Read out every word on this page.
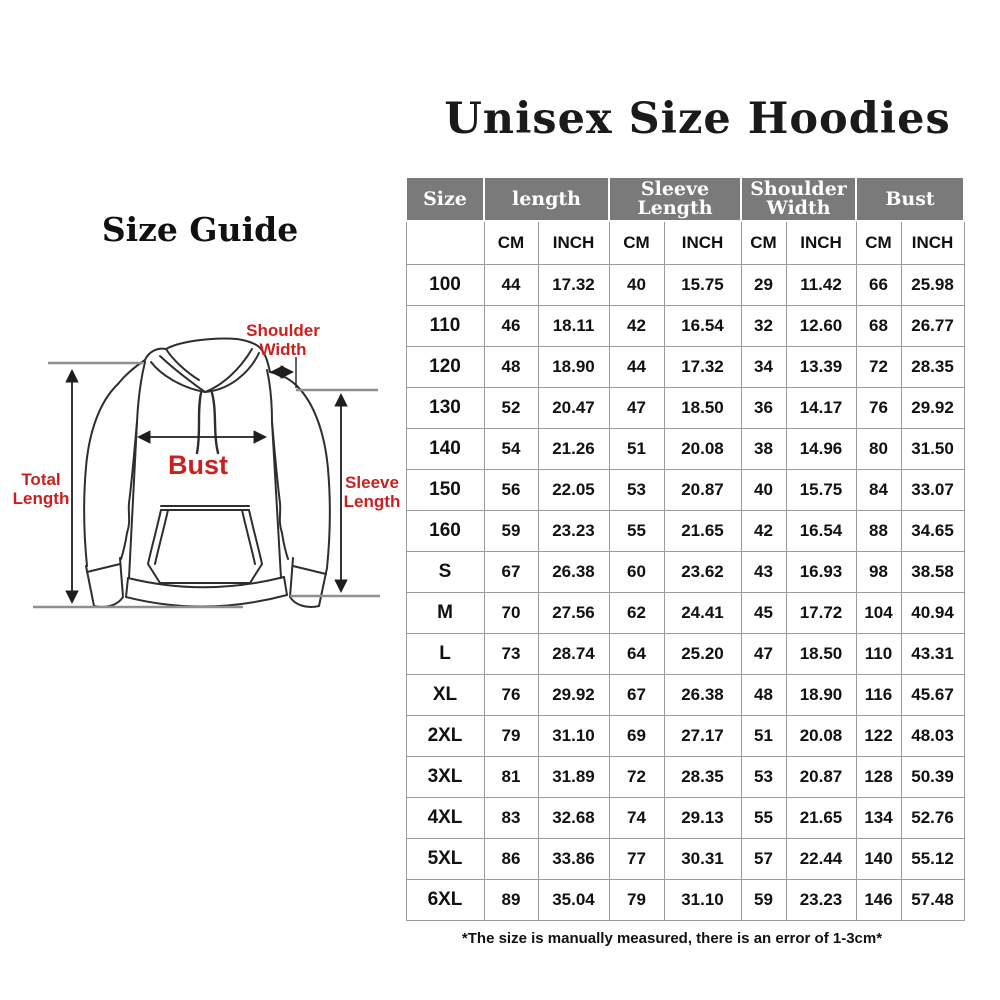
Unisex Size Hoodies
Size Guide
Total Length
Shoulder Width
Sleeve Length
Bust
Size	length		Sleeve Length		Shoulder Width		Bust	
	CM	INCH	CM	INCH	CM	INCH	CM	INCH
100	44	17.32	40	15.75	29	11.42	66	25.98
110	46	18.11	42	16.54	32	12.60	68	26.77
120	48	18.90	44	17.32	34	13.39	72	28.35
130	52	20.47	47	18.50	36	14.17	76	29.92
140	54	21.26	51	20.08	38	14.96	80	31.50
150	56	22.05	53	20.87	40	15.75	84	33.07
160	59	23.23	55	21.65	42	16.54	88	34.65
S	67	26.38	60	23.62	43	16.93	98	38.58
M	70	27.56	62	24.41	45	17.72	104	40.94
L	73	28.74	64	25.20	47	18.50	110	43.31
XL	76	29.92	67	26.38	48	18.90	116	45.67
2XL	79	31.10	69	27.17	51	20.08	122	48.03
3XL	81	31.89	72	28.35	53	20.87	128	50.39
4XL	83	32.68	74	29.13	55	21.65	134	52.76
5XL	86	33.86	77	30.31	57	22.44	140	55.12
6XL	89	35.04	79	31.10	59	23.23	146	57.48
*The size is manually measured, there is an error of 1-3cm*
